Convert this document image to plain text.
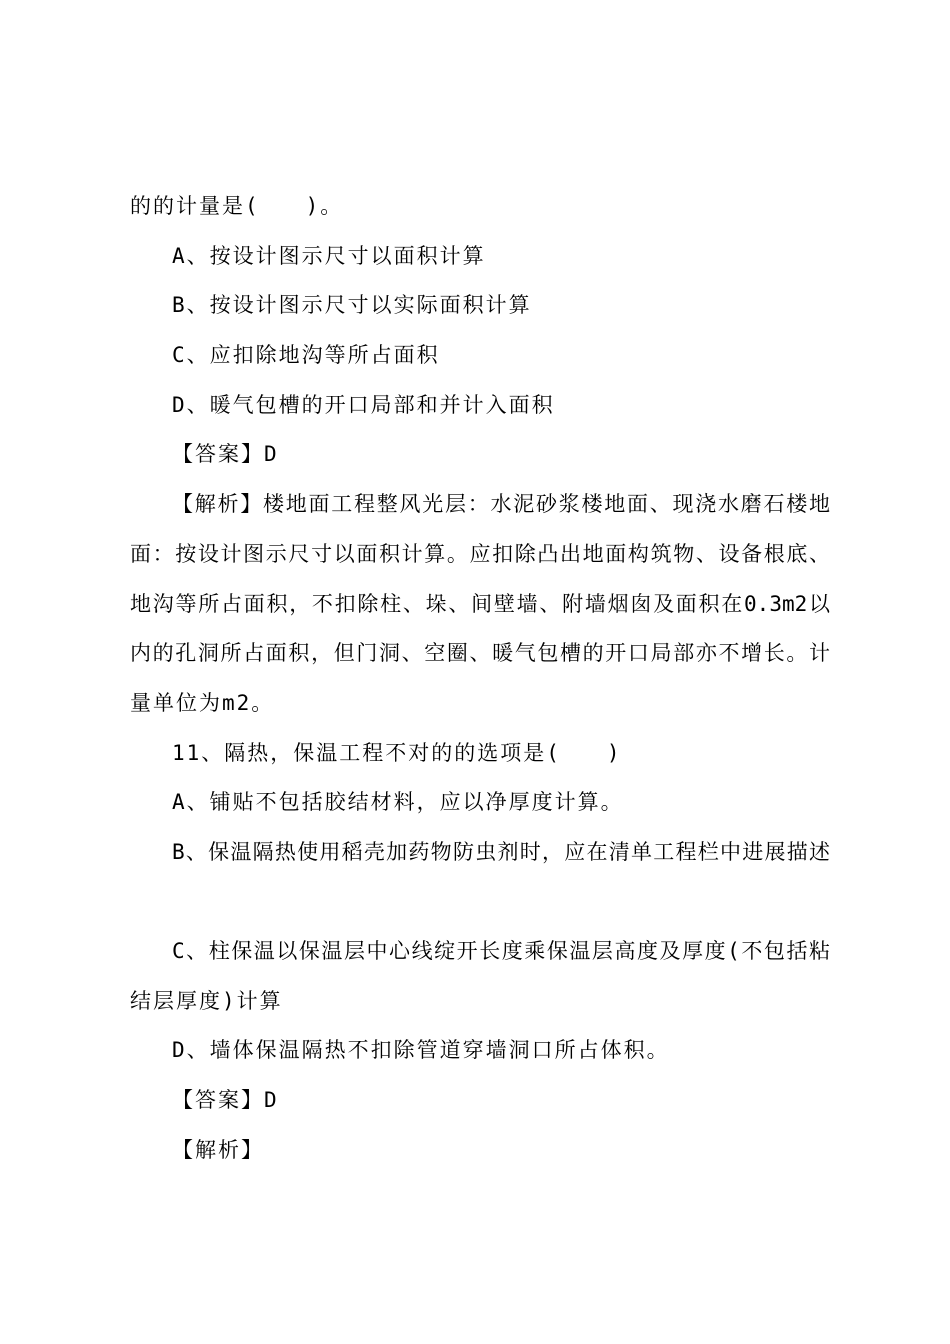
的的计量是(　　)。
A、按设计图示尺寸以面积计算
B、按设计图示尺寸以实际面积计算
C、应扣除地沟等所占面积
D、暖气包槽的开口局部和并计入面积
【答案】D
【解析】楼地面工程整风光层：水泥砂浆楼地面、现浇水磨石楼地
面：按设计图示尺寸以面积计算。应扣除凸出地面构筑物、设备根底、
地沟等所占面积，不扣除柱、垛、间壁墙、附墙烟囱及面积在0.3m2以
内的孔洞所占面积，但门洞、空圈、暖气包槽的开口局部亦不增长。计
量单位为m2。
11、隔热，保温工程不对的的选项是(　　)
A、铺贴不包括胶结材料，应以净厚度计算。
B、保温隔热使用稻壳加药物防虫剂时，应在清单工程栏中进展描述
C、柱保温以保温层中心线绽开长度乘保温层高度及厚度(不包括粘
结层厚度)计算
D、墙体保温隔热不扣除管道穿墙洞口所占体积。
【答案】D
【解析】
